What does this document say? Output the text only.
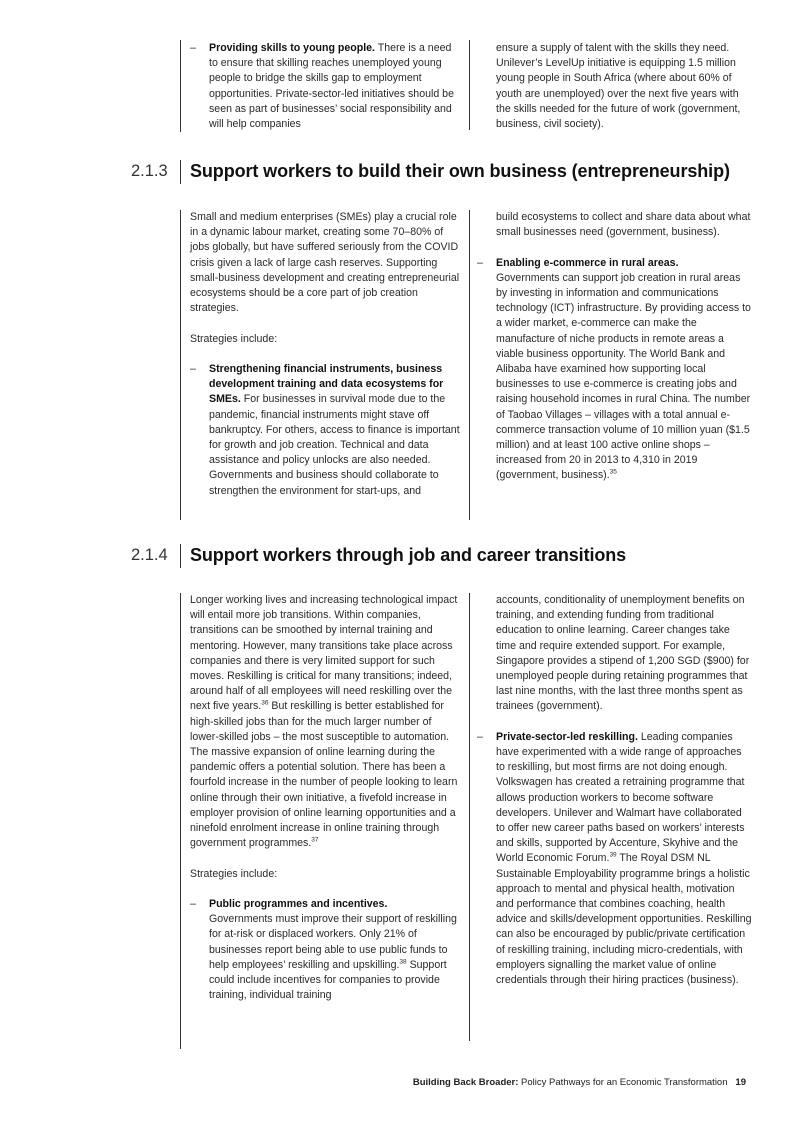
– Providing skills to young people. There is a need to ensure that skilling reaches unemployed young people to bridge the skills gap to employment opportunities. Private-sector-led initiatives should be seen as part of businesses’ social responsibility and will help companies

ensure a supply of talent with the skills they need. Unilever’s LevelUp initiative is equipping 1.5 million young people in South Africa (where about 60% of youth are unemployed) over the next five years with the skills needed for the future of work (government, business, civil society).

2.1.3 Support workers to build their own business (entrepreneurship)

Small and medium enterprises (SMEs) play a crucial role in a dynamic labour market, creating some 70–80% of jobs globally, but have suffered seriously from the COVID crisis given a lack of large cash reserves. Supporting small-business development and creating entrepreneurial ecosystems should be a core part of job creation strategies.

Strategies include:

– Strengthening financial instruments, business development training and data ecosystems for SMEs. For businesses in survival mode due to the pandemic, financial instruments might stave off bankruptcy. For others, access to finance is important for growth and job creation. Technical and data assistance and policy unlocks are also needed. Governments and business should collaborate to strengthen the environment for start-ups, and

build ecosystems to collect and share data about what small businesses need (government, business).

– Enabling e-commerce in rural areas.
Governments can support job creation in rural areas by investing in information and communications technology (ICT) infrastructure. By providing access to a wider market, e-commerce can make the manufacture of niche products in remote areas a viable business opportunity. The World Bank and Alibaba have examined how supporting local businesses to use e-commerce is creating jobs and raising household incomes in rural China. The number of Taobao Villages – villages with a total annual e-commerce transaction volume of 10 million yuan ($1.5 million) and at least 100 active online shops – increased from 20 in 2013 to 4,310 in 2019 (government, business).$^{35}$
2.1.4 Support workers through job and career transitions

Longer working lives and increasing technological impact will entail more job transitions. Within companies, transitions can be smoothed by internal training and mentoring. However, many transitions take place across companies and there is very limited support for such moves. Reskilling is critical for many transitions; indeed, around half of all employees will need reskilling over the next five years.$^{36}$ But reskilling is better established for high-skilled jobs than for the much larger number of lower-skilled jobs – the most susceptible to automation. The massive expansion of online learning during the pandemic offers a potential solution. There has been a fourfold increase in the number of people looking to learn online through their own initiative, a fivefold increase in employer provision of online learning opportunities and a ninefold enrolment increase in online training through government programmes.$^{37}$

Strategies include:

– Public programmes and incentives.
Governments must improve their support of reskilling for at-risk or displaced workers. Only 21% of businesses report being able to use public funds to help employees’ reskilling and upskilling.$^{38}$ Support could include incentives for companies to provide training, individual training

accounts, conditionality of unemployment benefits on training, and extending funding from traditional education to online learning. Career changes take time and require extended support. For example, Singapore provides a stipend of 1,200 SGD ($900) for unemployed people during retaining programmes that last nine months, with the last three months spent as trainees (government).

– Private-sector-led reskilling. Leading companies have experimented with a wide range of approaches to reskilling, but most firms are not doing enough. Volkswagen has created a retraining programme that allows production workers to become software developers. Unilever and Walmart have collaborated to offer new career paths based on workers’ interests and skills, supported by Accenture, Skyhive and the World Economic Forum.$^{39}$ The Royal DSM NL Sustainable Employability programme brings a holistic approach to mental and physical health, motivation and performance that combines coaching, health advice and skills/development opportunities. Reskilling can also be encouraged by public/private certification of reskilling training, including micro-credentials, with employers signalling the market value of online credentials through their hiring practices (business).
Building Back Broader: Policy Pathways for an Economic Transformation 19
